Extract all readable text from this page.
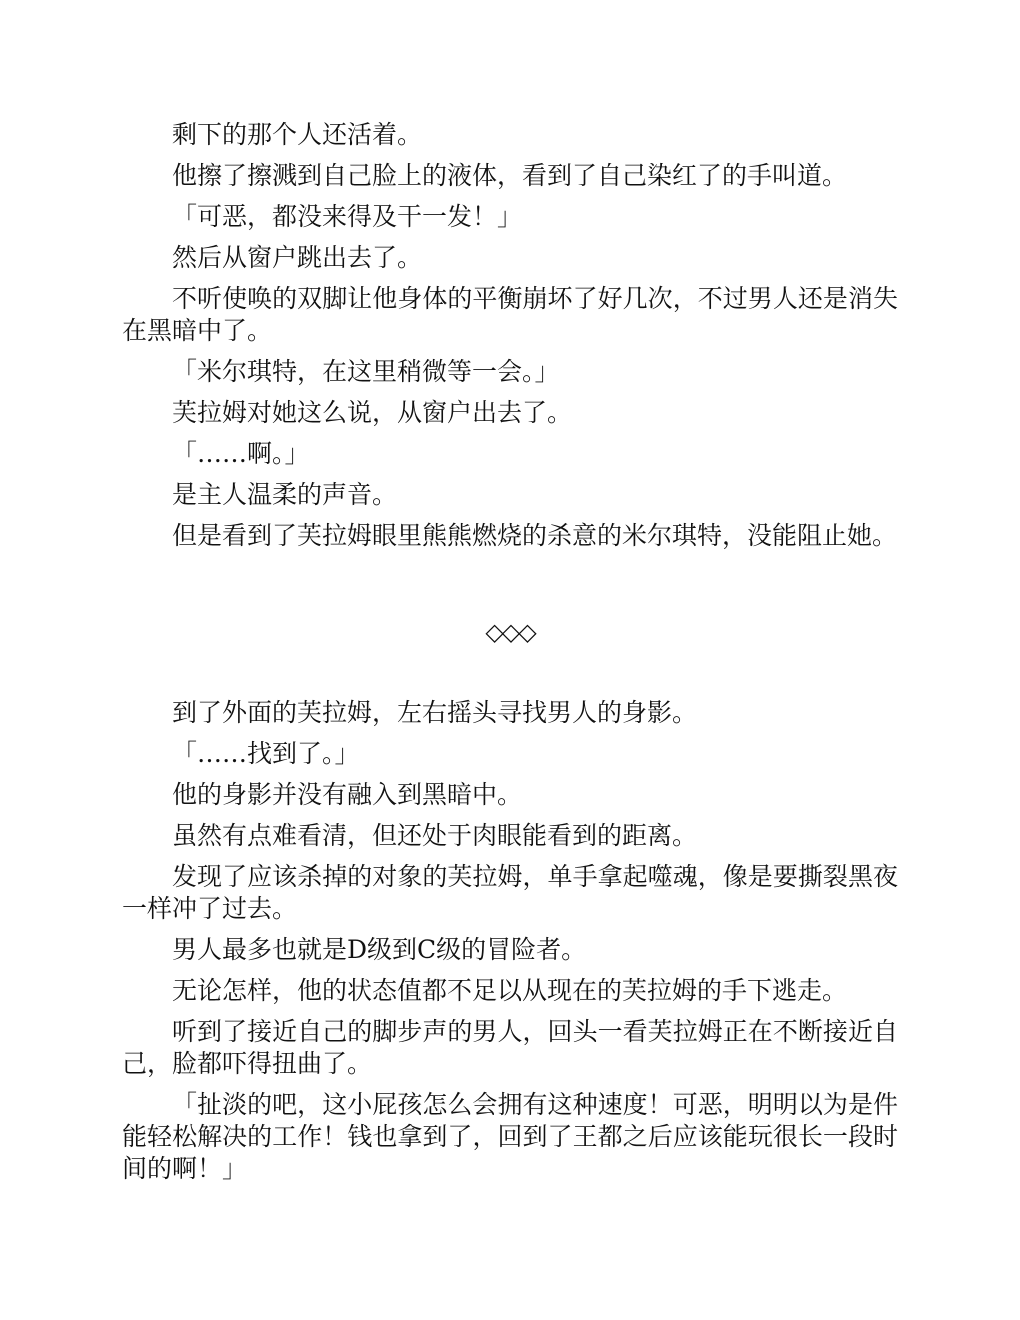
剩下的那个人还活着。

他擦了擦溅到自己脸上的液体，看到了自己染红了的手叫道。

「可恶，都没来得及干一发！」

然后从窗户跳出去了。

不听使唤的双脚让他身体的平衡崩坏了好几次，不过男人还是消失在黑暗中了。

「米尔琪特，在这里稍微等一会。」

芙拉姆对她这么说，从窗户出去了。

「……啊。」

是主人温柔的声音。

但是看到了芙拉姆眼里熊熊燃烧的杀意的米尔琪特，没能阻止她。

◇◇◇

到了外面的芙拉姆，左右摇头寻找男人的身影。

「……找到了。」

他的身影并没有融入到黑暗中。

虽然有点难看清，但还处于肉眼能看到的距离。

发现了应该杀掉的对象的芙拉姆，单手拿起噬魂，像是要撕裂黑夜一样冲了过去。

男人最多也就是D级到C级的冒险者。

无论怎样，他的状态值都不足以从现在的芙拉姆的手下逃走。

听到了接近自己的脚步声的男人，回头一看芙拉姆正在不断接近自己，脸都吓得扭曲了。

「扯淡的吧，这小屁孩怎么会拥有这种速度！可恶，明明以为是件能轻松解决的工作！钱也拿到了，回到了王都之后应该能玩很长一段时间的啊！」
